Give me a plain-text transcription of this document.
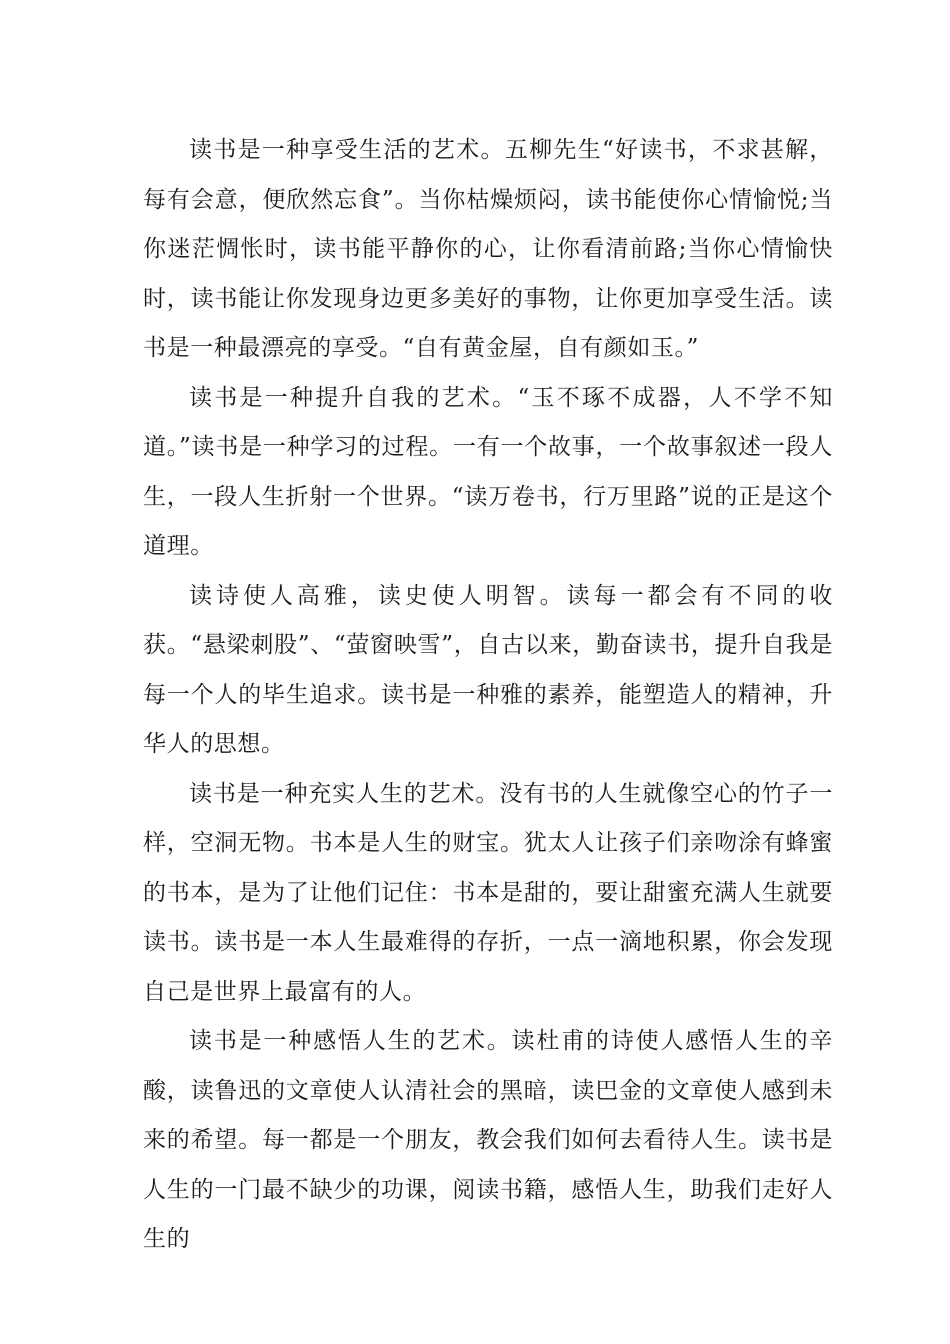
读书是一种享受生活的艺术。五柳先生“好读书，不求甚解，每有会意，便欣然忘食”。当你枯燥烦闷，读书能使你心情愉悦;当你迷茫惆怅时，读书能平静你的心，让你看清前路;当你心情愉快时，读书能让你发现身边更多美好的事物，让你更加享受生活。读书是一种最漂亮的享受。“自有黄金屋，自有颜如玉。”

读书是一种提升自我的艺术。“玉不琢不成器，人不学不知道。”读书是一种学习的过程。一有一个故事，一个故事叙述一段人生，一段人生折射一个世界。“读万卷书，行万里路”说的正是这个道理。

读诗使人高雅，读史使人明智。读每一都会有不同的收获。“悬梁刺股”、“萤窗映雪”，自古以来，勤奋读书，提升自我是每一个人的毕生追求。读书是一种雅的素养，能塑造人的精神，升华人的思想。

读书是一种充实人生的艺术。没有书的人生就像空心的竹子一样，空洞无物。书本是人生的财宝。犹太人让孩子们亲吻涂有蜂蜜的书本，是为了让他们记住：书本是甜的，要让甜蜜充满人生就要读书。读书是一本人生最难得的存折，一点一滴地积累，你会发现自己是世界上最富有的人。

读书是一种感悟人生的艺术。读杜甫的诗使人感悟人生的辛酸，读鲁迅的文章使人认清社会的黑暗，读巴金的文章使人感到未来的希望。每一都是一个朋友，教会我们如何去看待人生。读书是人生的一门最不缺少的功课，阅读书籍，感悟人生，助我们走好人生的
